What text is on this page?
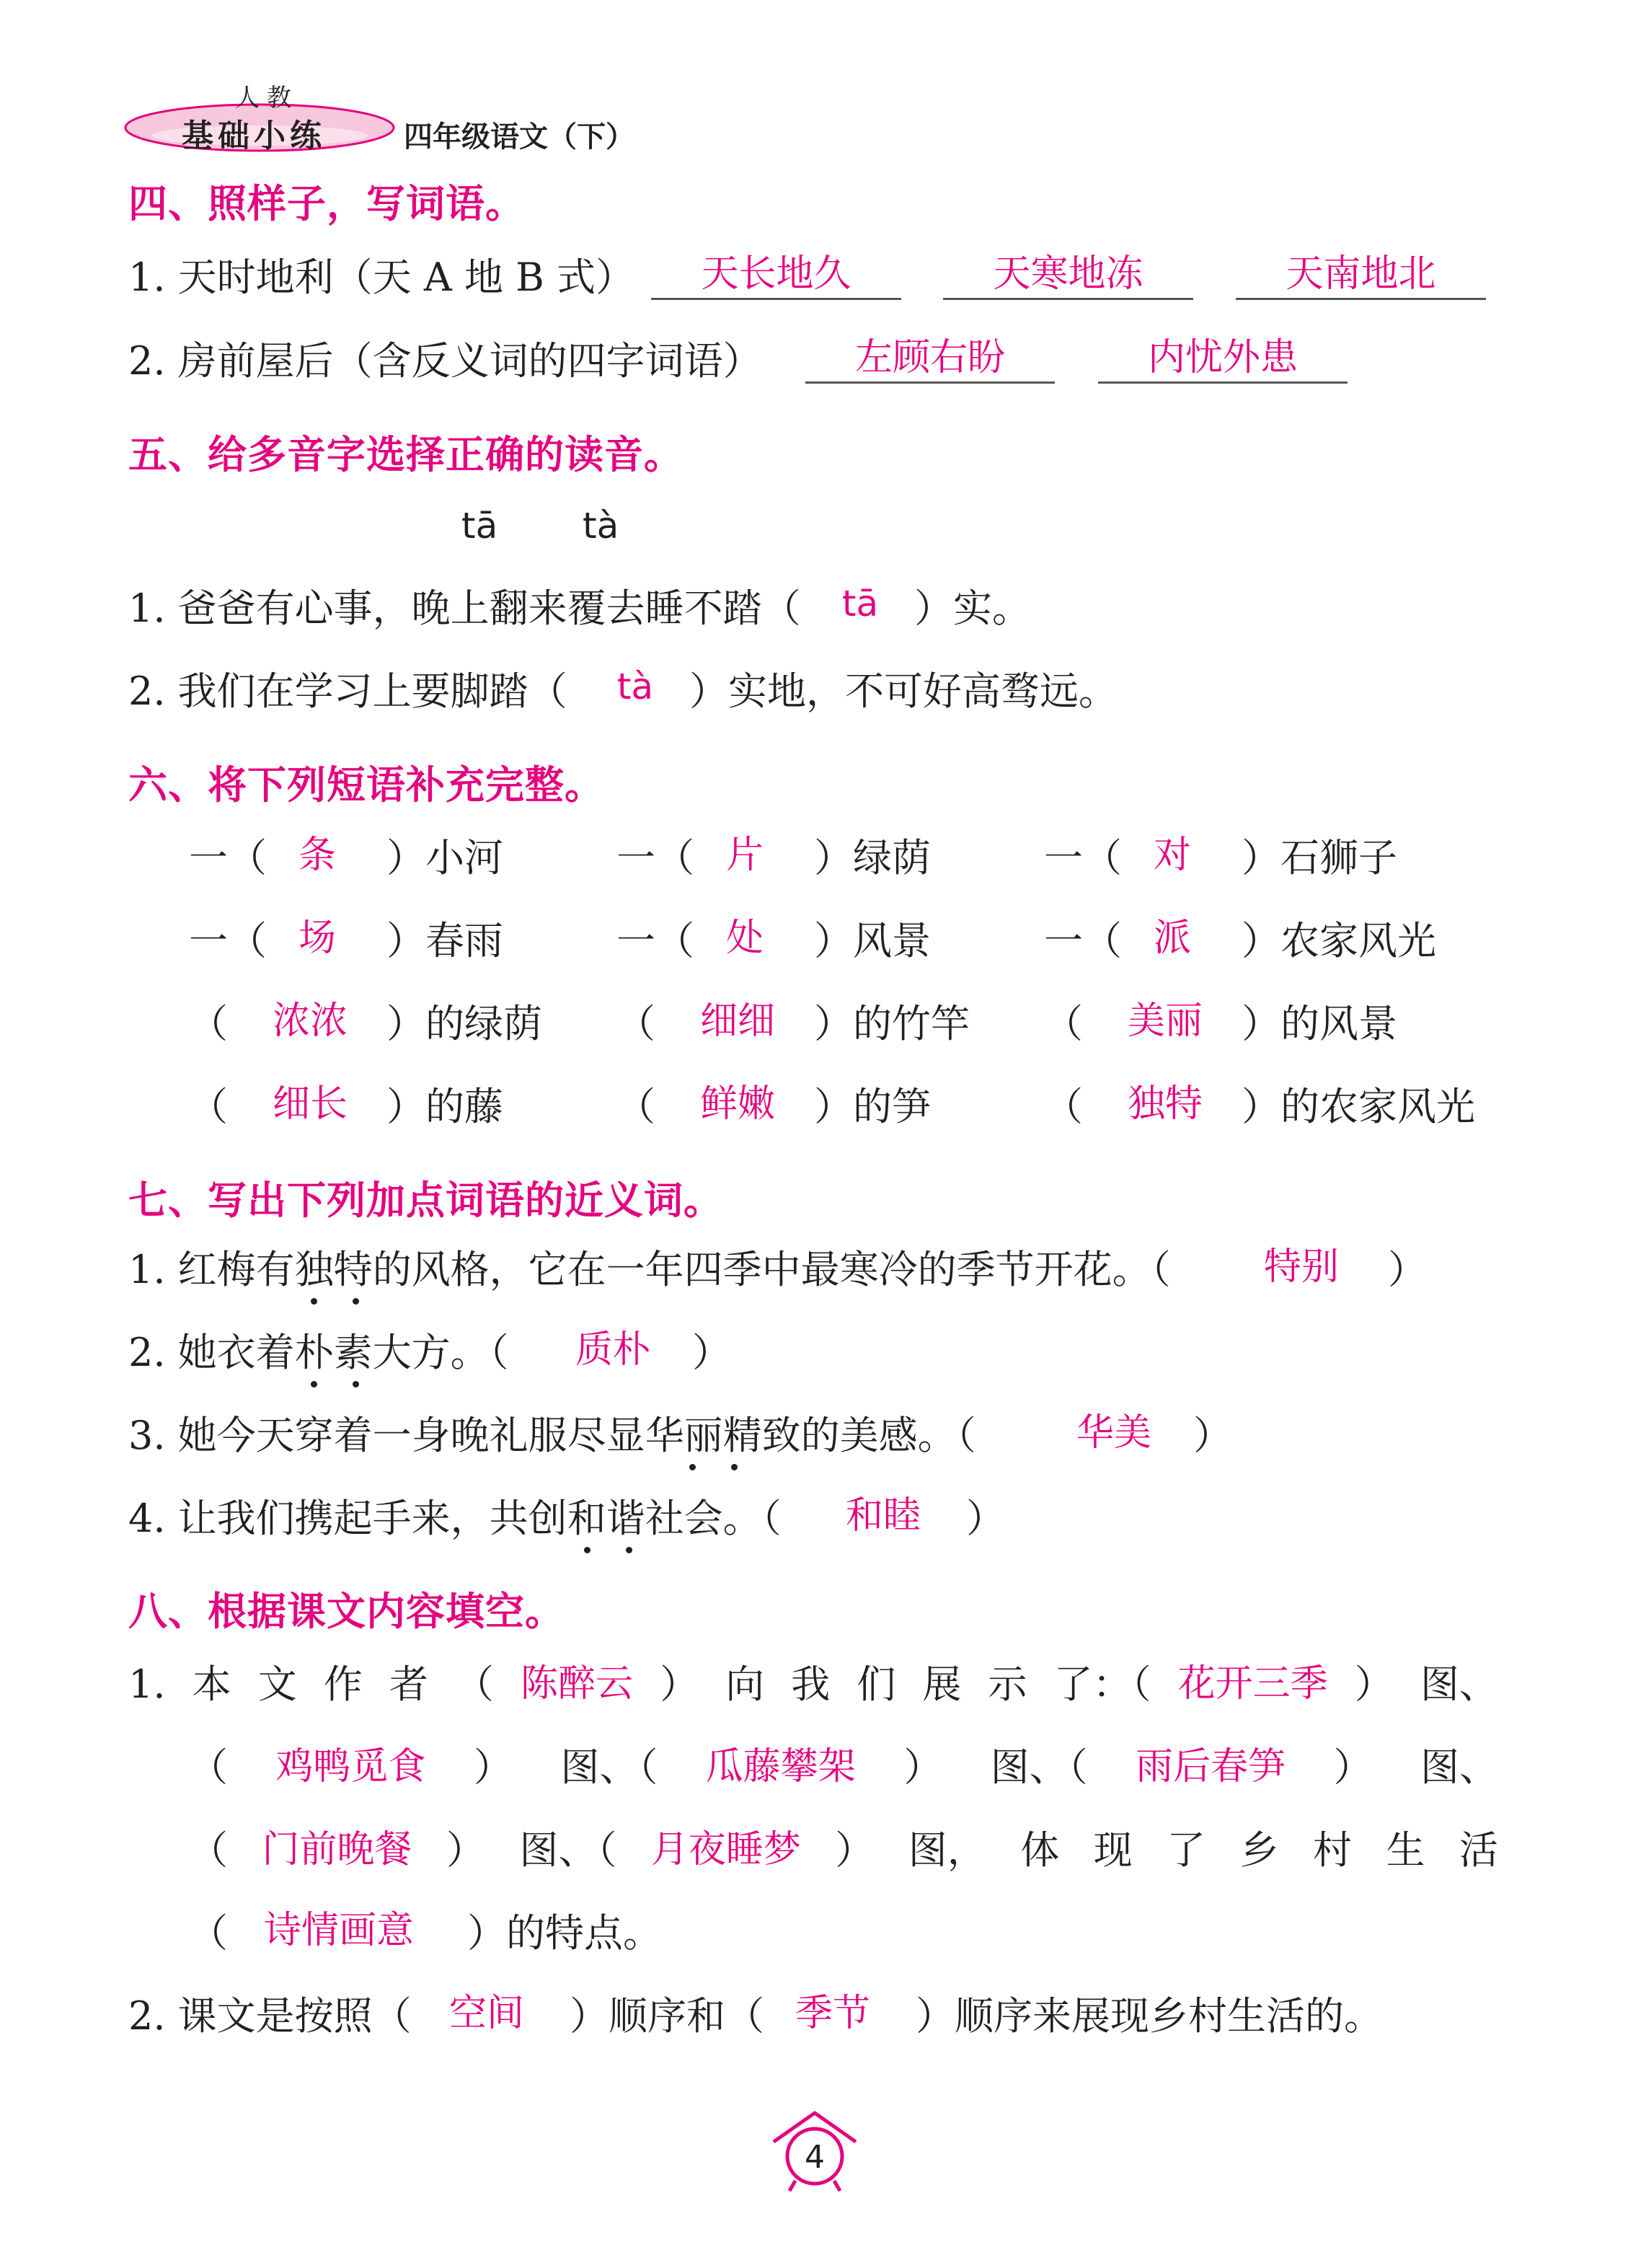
人教
基础小练	四年级语文（下）
四、照样子，写词语。
1. 天时地利（天 A 地 B 式）	天长地久	天寒地冻	天南地北
2. 房前屋后（含反义词的四字词语）	左顾右盼	内忧外患
五、给多音字选择正确的读音。
tā tà
1. 爸爸有心事，晚上翻来覆去睡不踏（	tā ）实。
2. 我们在学习上要脚踏（	tà ）实地，不可好高骛远。
六、将下列短语补充完整。
一（ 条	）小河	一（ 片	）绿荫	一（ 对	）石狮子
一（ 场	）春雨	一（ 处	）风景	一（ 派	）农家风光
（	浓浓	）的绿荫 （	细细	）的竹竿 （	美丽	）的风景
（	细长	）的藤	（	鲜嫩	）的笋	（	独特	）的农家风光
七、写出下列加点词语的近义词。
1. 红梅有独特的风格，它在一年四季中最寒冷的季节开花。（	特别	）
2. 她衣着朴素大方。（	质朴	）
3. 她今天穿着一身晚礼服尽显华丽精致的美感。（	华美	）
4. 让我们携起手来，共创和谐社会。（	和睦	）
八、根据课文内容填空。
1. 本 文 作 者 （ 陈醉云 ） 向 我 们 展 示 了：（ 花开三季 ） 图、
（ 鸡鸭觅食 ） 图、（ 瓜藤攀架 ） 图、（ 雨后春笋 ） 图、
（ 门前晚餐 ） 图、（ 月夜睡梦 ） 图， 体 现 了 乡 村 生 活
（ 诗情画意	）的特点。
2. 课文是按照（	空间	）顺序和（ 季节	）顺序来展现乡村生活的。
4
